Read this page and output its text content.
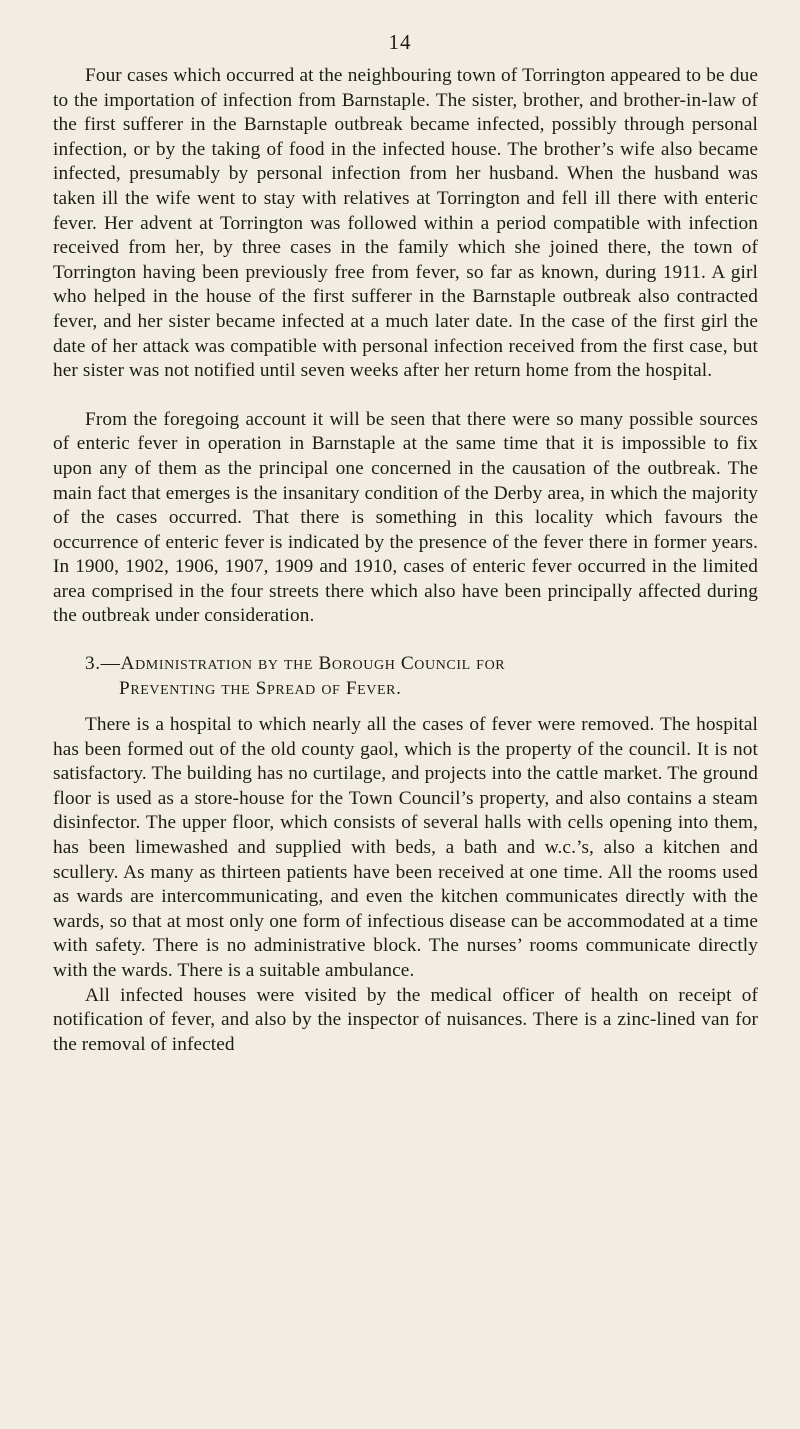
14

Four cases which occurred at the neighbouring town of Torrington appeared to be due to the importation of infection from Barnstaple. The sister, brother, and brother-in-law of the first sufferer in the Barnstaple outbreak became infected, possibly through personal infection, or by the taking of food in the infected house. The brother’s wife also became infected, presumably by personal infection from her husband. When the husband was taken ill the wife went to stay with relatives at Torrington and fell ill there with enteric fever. Her advent at Torrington was followed within a period compatible with infection received from her, by three cases in the family which she joined there, the town of Torrington having been previously free from fever, so far as known, during 1911. A girl who helped in the house of the first sufferer in the Barnstaple outbreak also contracted fever, and her sister became infected at a much later date. In the case of the first girl the date of her attack was compatible with personal infection received from the first case, but her sister was not notified until seven weeks after her return home from the hospital.

From the foregoing account it will be seen that there were so many possible sources of enteric fever in operation in Barnstaple at the same time that it is impossible to fix upon any of them as the principal one concerned in the causation of the outbreak. The main fact that emerges is the insanitary condition of the Derby area, in which the majority of the cases occurred. That there is something in this locality which favours the occurrence of enteric fever is indicated by the presence of the fever there in former years. In 1900, 1902, 1906, 1907, 1909 and 1910, cases of enteric fever occurred in the limited area comprised in the four streets there which also have been principally affected during the outbreak under consideration.

3.—Administration by the Borough Council for
Preventing the Spread of Fever.

There is a hospital to which nearly all the cases of fever were removed. The hospital has been formed out of the old county gaol, which is the property of the council. It is not satisfactory. The building has no curtilage, and projects into the cattle market. The ground floor is used as a store-house for the Town Council’s property, and also contains a steam disinfector. The upper floor, which consists of several halls with cells opening into them, has been limewashed and supplied with beds, a bath and w.c.’s, also a kitchen and scullery. As many as thirteen patients have been received at one time. All the rooms used as wards are intercommunicating, and even the kitchen communicates directly with the wards, so that at most only one form of infectious disease can be accommodated at a time with safety. There is no administrative block. The nurses’ rooms communicate directly with the wards. There is a suitable ambulance.

All infected houses were visited by the medical officer of health on receipt of notification of fever, and also by the inspector of nuisances. There is a zinc-lined van for the removal of infected
